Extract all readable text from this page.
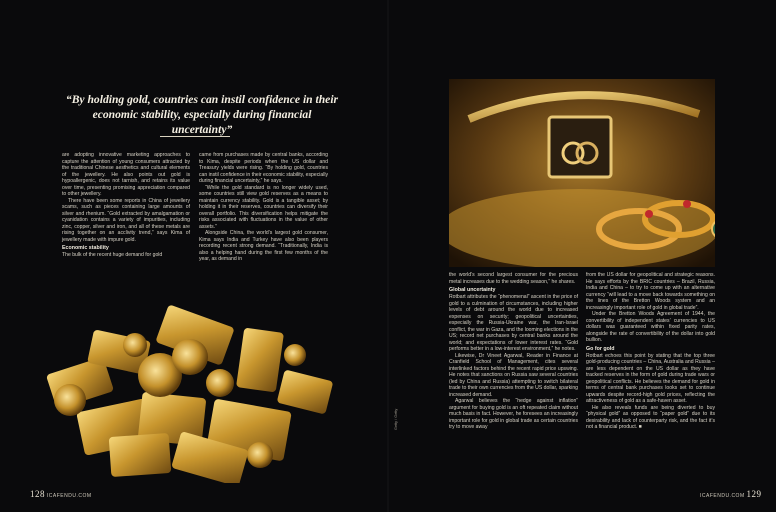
“By holding gold, countries can instil confidence in their economic stability, especially during financial uncertainty”

are adopting innovative marketing approaches to capture the attention of young consumers attracted by the traditional Chinese aesthetics and cultural elements of the jewellery. He also points out gold is hypoallergenic, does not tarnish, and retains its value over time, presenting promising appreciation compared to other jewellery.

There have been some reports in China of jewellery scams, such as pieces containing large amounts of silver and rhenium. “Gold extracted by amalgamation or cyanidation contains a variety of impurities, including zinc, copper, silver and iron, and all of these metals are rising together on an acclivity trend,” says Kima of jewellery made with impure gold.

Economic stability

The bulk of the recent huge demand for gold

came from purchases made by central banks, according to Kima, despite periods when the US dollar and Treasury yields were rising. “By holding gold, countries can instil confidence in their economic stability, especially during financial uncertainty,” he says.

“While the gold standard is no longer widely used, some countries still view gold reserves as a means to maintain currency stability. Gold is a tangible asset; by holding it in their reserves, countries can diversify their overall portfolio. This diversification helps mitigate the risks associated with fluctuations in the value of other assets.”

Alongside China, the world’s largest gold consumer, Kima says India and Turkey have also been players recording recent strong demand. “Traditionally, India is also a helping hand during the first few months of the year, as demand in

the world’s second largest consumer for the precious metal increases due to the wedding season,” he shares.

Global uncertainty

Rotbart attributes the “phenomenal” ascent in the price of gold to a culmination of circumstances, including higher levels of debt around the world due to increased expenses on security; geopolitical uncertainties, especially the Russia-Ukraine war, the Iran-Israel conflict, the war in Gaza, and the looming elections in the US; record net purchases by central banks around the world; and expectations of lower interest rates. “Gold performs better in a low-interest environment,” he notes.

Likewise, Dr Vineet Agarwal, Reader in Finance at Cranfield School of Management, cites several interlinked factors behind the recent rapid price upswing. He notes that sanctions on Russia saw several countries (led by China and Russia) attempting to switch bilateral trade to their own currencies from the US dollar, sparking increased demand.

Agarwal believes the “hedge against inflation” argument for buying gold is an oft repeated claim without much basis in fact. However, he foresees an increasingly important role for gold in global trade as certain countries try to move away

from the US dollar for geopolitical and strategic reasons. He says efforts by the BRIC countries – Brazil, Russia, India and China – to try to come up with an alternative currency “will lead to a move back towards something on the lines of the Bretton Woods system and an increasingly important role of gold in global trade”.

Under the Bretton Woods Agreement of 1944, the convertibility of independent states’ currencies to US dollars was guaranteed within fixed parity rates, alongside the rate of convertibility of the dollar into gold bullion.

Go for gold

Rotbart echoes this point by stating that the top three gold-producing countries – China, Australia and Russia – are less dependent on the US dollar as they have tracked reserves in the form of gold during trade wars or geopolitical conflicts. He believes the demand for gold in terms of central bank purchases looks set to continue upwards despite record-high gold prices, reflecting the attractiveness of gold as a safe-haven asset.

He also reveals funds are being diverted to buy “physical gold” as opposed to “paper gold” due to its desirability and lack of counterparty risk, and the fact it’s not a financial product. ■

Getty / Getty
128 ICAFENDU.COM	ICAFENDU.COM 129
